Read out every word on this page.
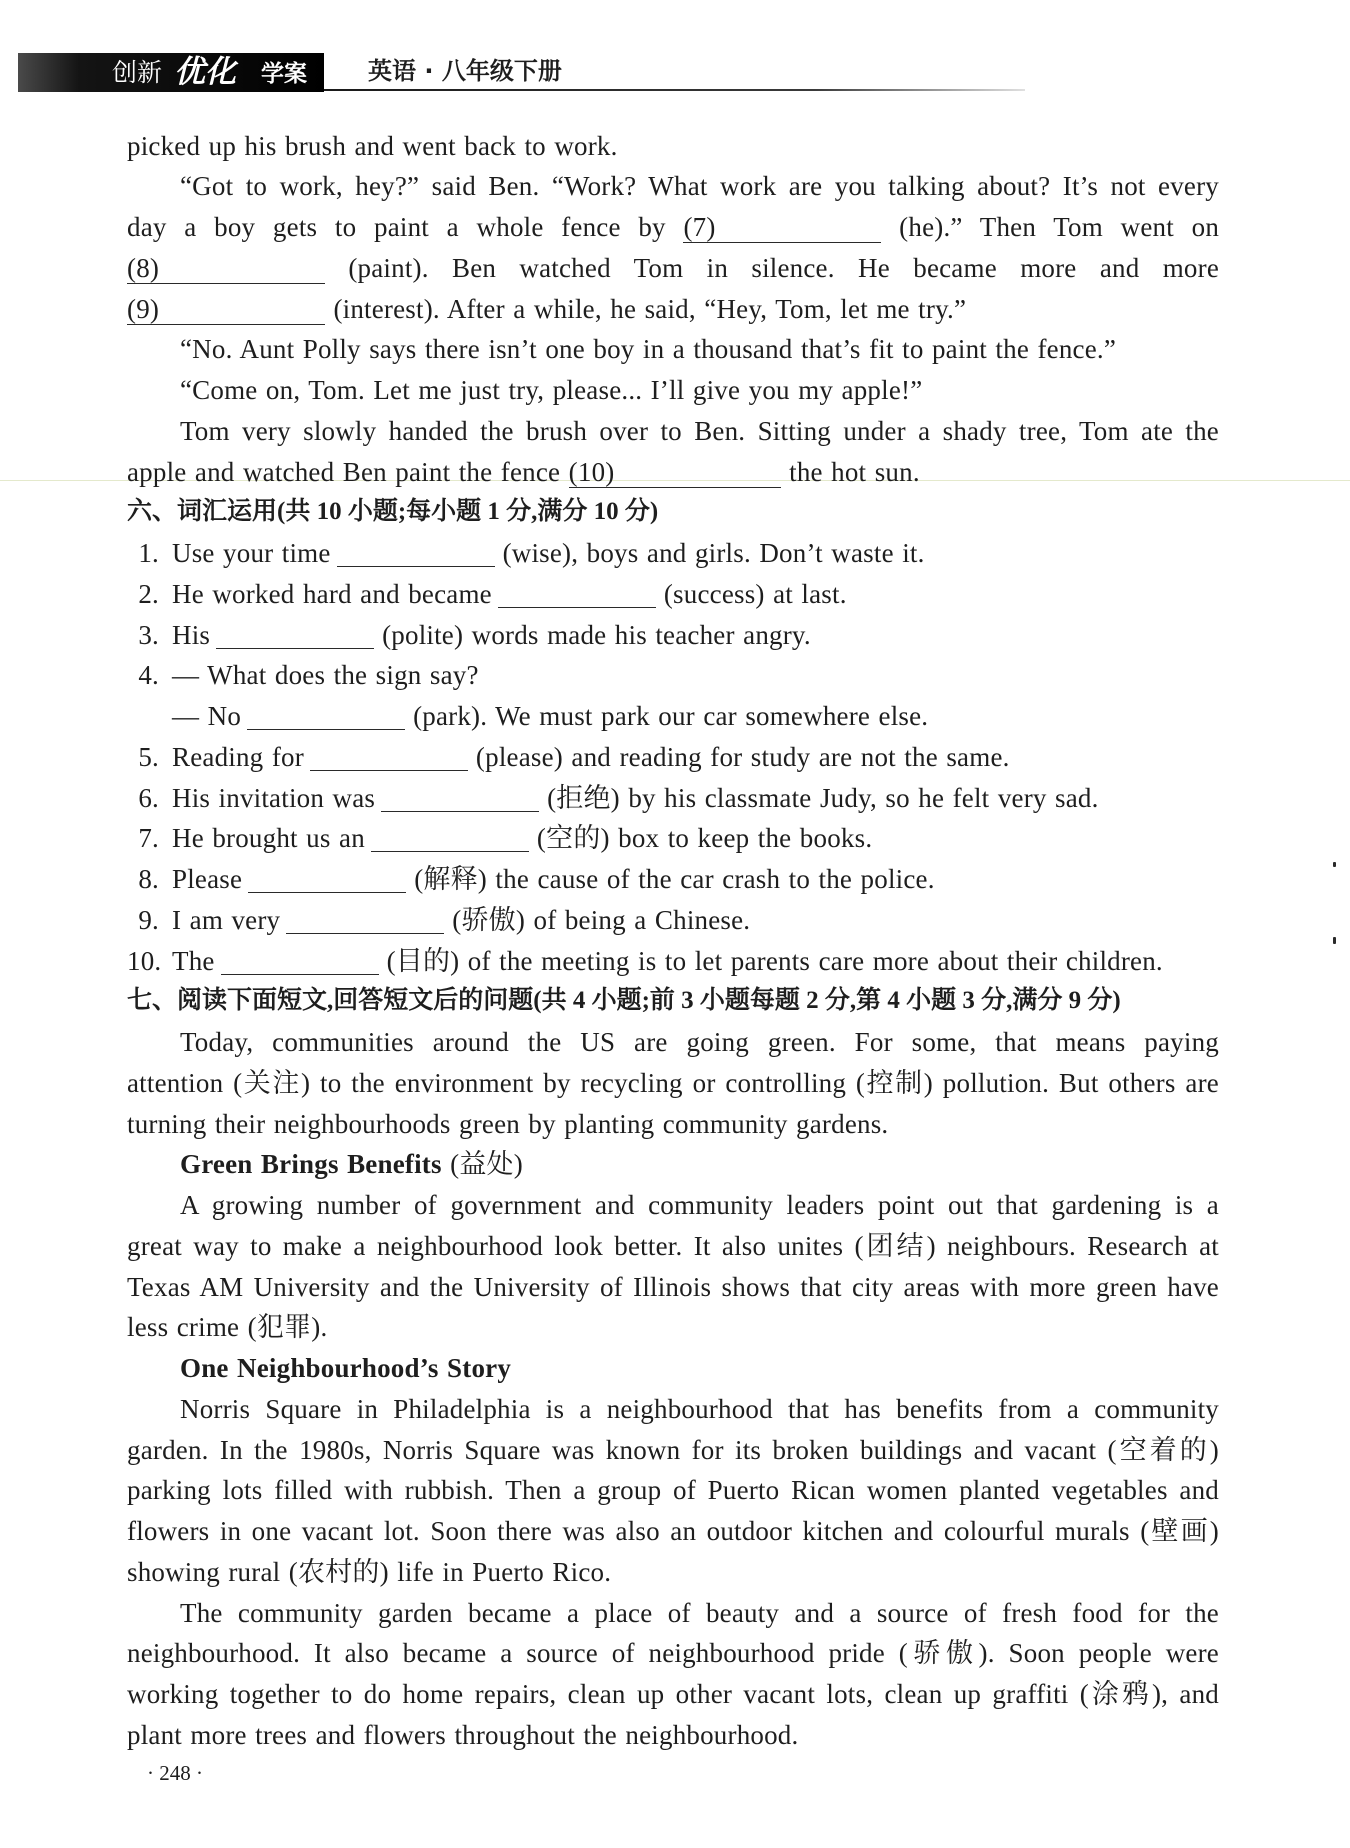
创新 优化 学案	英语 · 八年级下册
picked up his brush and went back to work.
“Got to work, hey?” said Ben. “Work? What work are you talking about? It’s not every
day a boy gets to paint a whole fence by (7)	(he).” Then Tom went on
(8)	(paint). Ben watched Tom in silence. He became more and more
(9)	(interest). After a while, he said, “Hey, Tom, let me try.”
“No. Aunt Polly says there isn’t one boy in a thousand that’s fit to paint the fence.”
“Come on, Tom. Let me just try, please... I’ll give you my apple!”
Tom very slowly handed the brush over to Ben. Sitting under a shady tree, Tom ate the
apple and watched Ben paint the fence (10)	the hot sun.
六、词汇运用(共 10 小题;每小题 1 分,满分 10 分)
1. Use your time	(wise), boys and girls. Don’t waste it.
2. He worked hard and became	(success) at last.
3. His	(polite) words made his teacher angry.
4. — What does the sign say?
— No	(park). We must park our car somewhere else.
5. Reading for	(please) and reading for study are not the same.
6. His invitation was	(拒绝) by his classmate Judy, so he felt very sad.
7. He brought us an	(空的) box to keep the books.
8. Please	(解释) the cause of the car crash to the police.
9. I am very	(骄傲) of being a Chinese.
10. The	(目的) of the meeting is to let parents care more about their children.
七、阅读下面短文,回答短文后的问题(共 4 小题;前 3 小题每题 2 分,第 4 小题 3 分,满分 9 分)
Today, communities around the US are going green. For some, that means paying
attention (关注) to the environment by recycling or controlling (控制) pollution. But others are
turning their neighbourhoods green by planting community gardens.
Green Brings Benefits (益处)
A growing number of government and community leaders point out that gardening is a
great way to make a neighbourhood look better. It also unites (团结) neighbours. Research at
Texas AM University and the University of Illinois shows that city areas with more green have
less crime (犯罪).
One Neighbourhood’s Story
Norris Square in Philadelphia is a neighbourhood that has benefits from a community
garden. In the 1980s, Norris Square was known for its broken buildings and vacant (空着的)
parking lots filled with rubbish. Then a group of Puerto Rican women planted vegetables and
flowers in one vacant lot. Soon there was also an outdoor kitchen and colourful murals (壁画)
showing rural (农村的) life in Puerto Rico.
The community garden became a place of beauty and a source of fresh food for the
neighbourhood. It also became a source of neighbourhood pride (骄傲). Soon people were
working together to do home repairs, clean up other vacant lots, clean up graffiti (涂鸦), and
plant more trees and flowers throughout the neighbourhood.
· 248 ·
